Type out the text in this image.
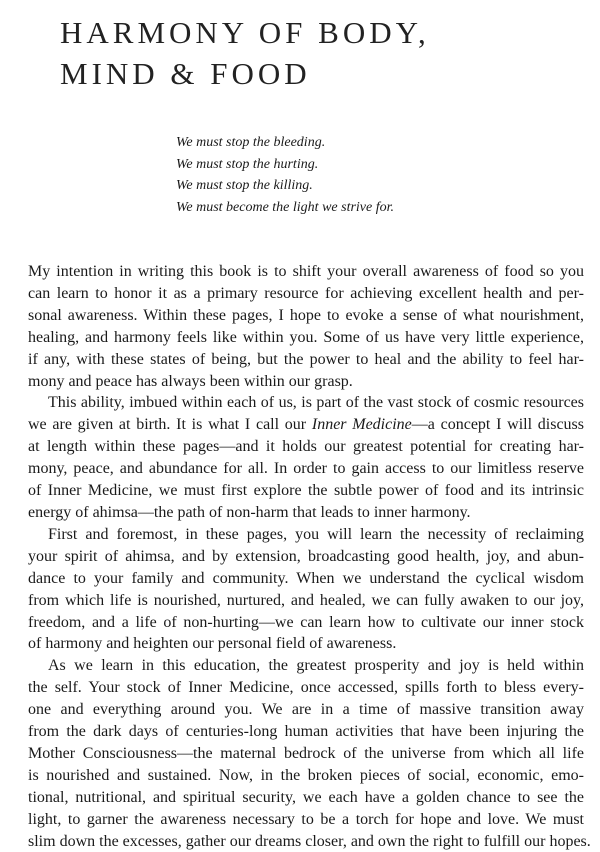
HARMONY OF BODY,
MIND & FOOD
We must stop the bleeding.
We must stop the hurting.
We must stop the killing.
We must become the light we strive for.
My intention in writing this book is to shift your overall awareness of food so you
can learn to honor it as a primary resource for achieving excellent health and per-
sonal awareness. Within these pages, I hope to evoke a sense of what nourishment,
healing, and harmony feels like within you. Some of us have very little experience,
if any, with these states of being, but the power to heal and the ability to feel har-
mony and peace has always been within our grasp.
This ability, imbued within each of us, is part of the vast stock of cosmic resources
we are given at birth. It is what I call our Inner Medicine—a concept I will discuss
at length within these pages—and it holds our greatest potential for creating har-
mony, peace, and abundance for all. In order to gain access to our limitless reserve
of Inner Medicine, we must first explore the subtle power of food and its intrinsic
energy of ahimsa—the path of non-harm that leads to inner harmony.
First and foremost, in these pages, you will learn the necessity of reclaiming
your spirit of ahimsa, and by extension, broadcasting good health, joy, and abun-
dance to your family and community. When we understand the cyclical wisdom
from which life is nourished, nurtured, and healed, we can fully awaken to our joy,
freedom, and a life of non-hurting—we can learn how to cultivate our inner stock
of harmony and heighten our personal field of awareness.
As we learn in this education, the greatest prosperity and joy is held within
the self. Your stock of Inner Medicine, once accessed, spills forth to bless every-
one and everything around you. We are in a time of massive transition away
from the dark days of centuries-long human activities that have been injuring the
Mother Consciousness—the maternal bedrock of the universe from which all life
is nourished and sustained. Now, in the broken pieces of social, economic, emo-
tional, nutritional, and spiritual security, we each have a golden chance to see the
light, to garner the awareness necessary to be a torch for hope and love. We must
slim down the excesses, gather our dreams closer, and own the right to fulfill our hopes.
